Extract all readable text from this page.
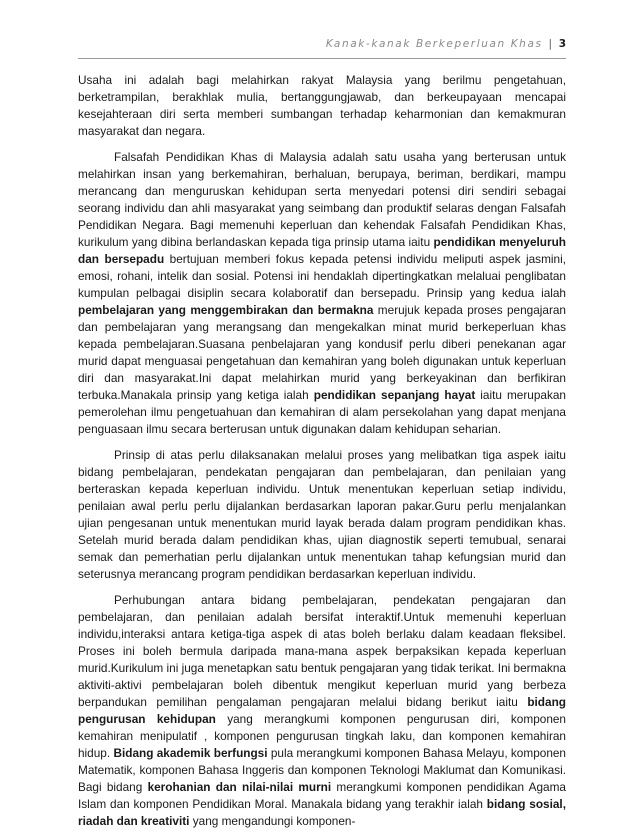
Kanak-kanak Berkeperluan Khas | 3

Usaha ini adalah bagi melahirkan rakyat Malaysia yang berilmu pengetahuan, berketrampilan, berakhlak mulia, bertanggungjawab, dan berkeupayaan mencapai kesejahteraan diri serta memberi sumbangan terhadap keharmonian dan kemakmuran masyarakat dan negara.

Falsafah Pendidikan Khas di Malaysia adalah satu usaha yang berterusan untuk melahirkan insan yang berkemahiran, berhaluan, berupaya, beriman, berdikari, mampu merancang dan menguruskan kehidupan serta menyedari potensi diri sendiri sebagai seorang individu dan ahli masyarakat yang seimbang dan produktif selaras dengan Falsafah Pendidikan Negara. Bagi memenuhi keperluan dan kehendak Falsafah Pendidikan Khas, kurikulum yang dibina berlandaskan kepada tiga prinsip utama iaitu pendidikan menyeluruh dan bersepadu bertujuan memberi fokus kepada petensi individu meliputi aspek jasmini, emosi, rohani, intelik dan sosial. Potensi ini hendaklah dipertingkatkan melaluai penglibatan kumpulan pelbagai disiplin secara kolaboratif dan bersepadu. Prinsip yang kedua ialah pembelajaran yang menggembirakan dan bermakna merujuk kepada proses pengajaran dan pembelajaran yang merangsang dan mengekalkan minat murid berkeperluan khas kepada pembelajaran.Suasana penbelajaran yang kondusif perlu diberi penekanan agar murid dapat menguasai pengetahuan dan kemahiran yang boleh digunakan untuk keperluan diri dan masyarakat.Ini dapat melahirkan murid yang berkeyakinan dan berfikiran terbuka.Manakala prinsip yang ketiga ialah pendidikan sepanjang hayat iaitu merupakan pemerolehan ilmu pengetuahuan dan kemahiran di alam persekolahan yang dapat menjana penguasaan ilmu secara berterusan untuk digunakan dalam kehidupan seharian.

Prinsip di atas perlu dilaksanakan melalui proses yang melibatkan tiga aspek iaitu bidang pembelajaran, pendekatan pengajaran dan pembelajaran, dan penilaian yang berteraskan kepada keperluan individu. Untuk menentukan keperluan setiap individu, penilaian awal perlu perlu dijalankan berdasarkan laporan pakar.Guru perlu menjalankan ujian pengesanan untuk menentukan murid layak berada dalam program pendidikan khas. Setelah murid berada dalam pendidikan khas, ujian diagnostik seperti temubual, senarai semak dan pemerhatian perlu dijalankan untuk menentukan tahap kefungsian murid dan seterusnya merancang program pendidikan berdasarkan keperluan individu.

Perhubungan antara bidang pembelajaran, pendekatan pengajaran dan pembelajaran, dan penilaian adalah bersifat interaktif.Untuk memenuhi keperluan individu,interaksi antara ketiga-tiga aspek di atas boleh berlaku dalam keadaan fleksibel. Proses ini boleh bermula daripada mana-mana aspek berpaksikan kepada keperluan murid.Kurikulum ini juga menetapkan satu bentuk pengajaran yang tidak terikat. Ini bermakna aktiviti-aktivi pembelajaran boleh dibentuk mengikut keperluan murid yang berbeza berpandukan pemilihan pengalaman pengajaran melalui bidang berikut iaitu bidang pengurusan kehidupan yang merangkumi komponen pengurusan diri, komponen kemahiran menipulatif , komponen pengurusan tingkah laku, dan komponen kemahiran hidup. Bidang akademik berfungsi pula merangkumi komponen Bahasa Melayu, komponen Matematik, komponen Bahasa Inggeris dan komponen Teknologi Maklumat dan Komunikasi. Bagi bidang kerohanian dan nilai-nilai murni merangkumi komponen pendidikan Agama Islam dan komponen Pendidikan Moral. Manakala bidang yang terakhir ialah bidang sosial, riadah dan kreativiti yang mengandungi komponen-
